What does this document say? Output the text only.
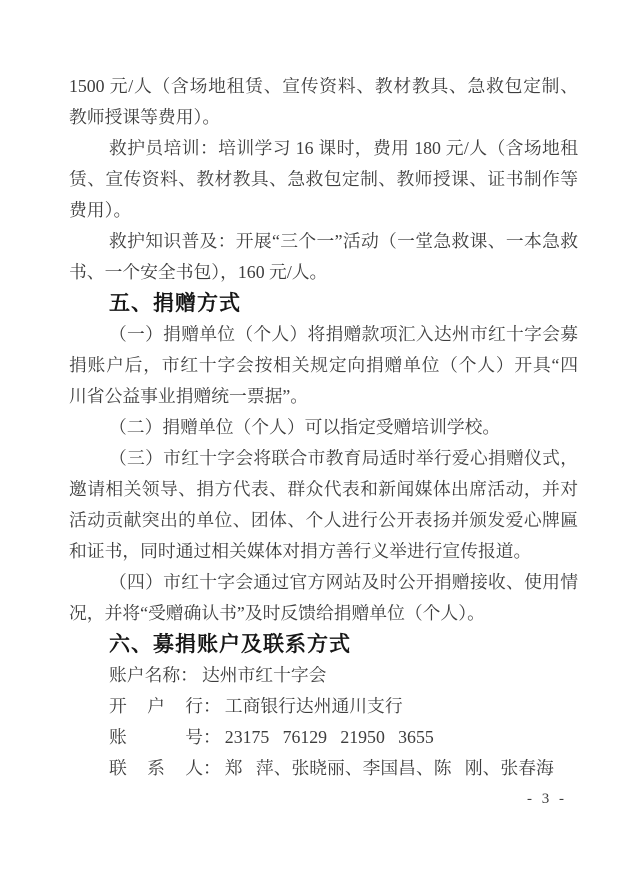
1500 元/人（含场地租赁、宣传资料、教材教具、急救包定制、
教师授课等费用）。
救护员培训：培训学习 16 课时，费用 180 元/人（含场地租
赁、宣传资料、教材教具、急救包定制、教师授课、证书制作等
费用）。
救护知识普及：开展“三个一”活动（一堂急救课、一本急救
书、一个安全书包），160 元/人。
五、捐赠方式
（一）捐赠单位（个人）将捐赠款项汇入达州市红十字会募
捐账户后，市红十字会按相关规定向捐赠单位（个人）开具“四
川省公益事业捐赠统一票据”。
（二）捐赠单位（个人）可以指定受赠培训学校。
（三）市红十字会将联合市教育局适时举行爱心捐赠仪式，
邀请相关领导、捐方代表、群众代表和新闻媒体出席活动，并对
活动贡献突出的单位、团体、个人进行公开表扬并颁发爱心牌匾
和证书，同时通过相关媒体对捐方善行义举进行宣传报道。
（四）市红十字会通过官方网站及时公开捐赠接收、使用情
况，并将“受赠确认书”及时反馈给捐赠单位（个人）。
六、募捐账户及联系方式
账户名称： 达州市红十字会
开户行： 工商银行达州通川支行
账号： 23175   76129   21950   3655
联系人： 郑   萍、张晓丽、李国昌、陈   刚、张春海
- 3 -
